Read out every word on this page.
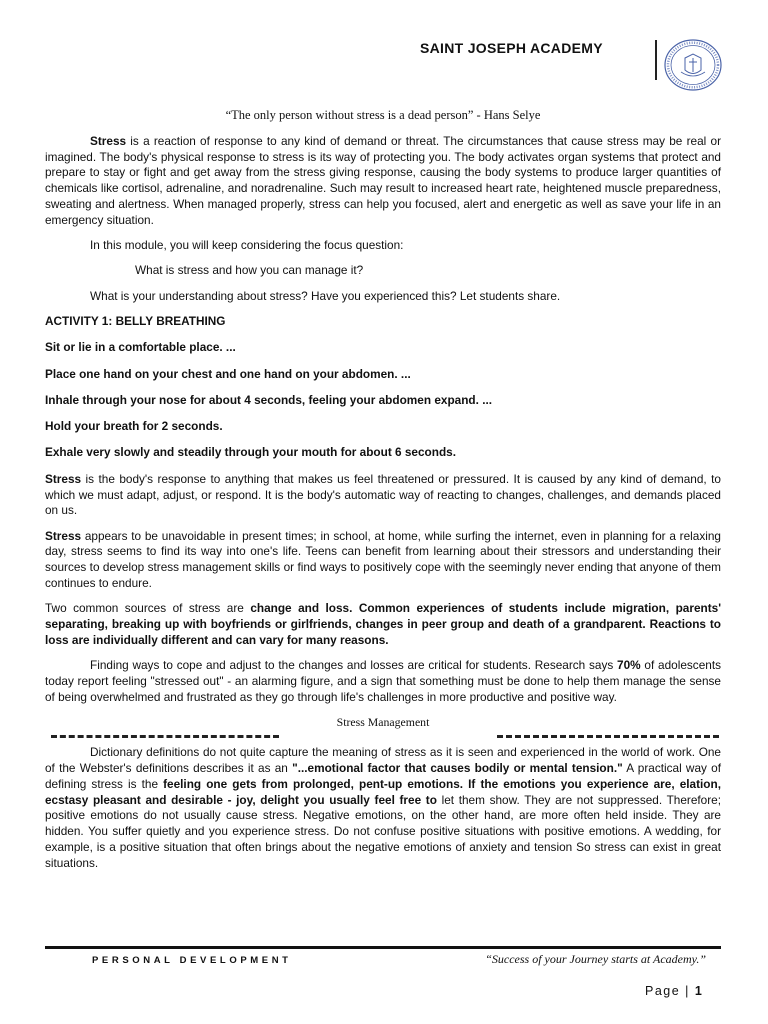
SAINT JOSEPH ACADEMY

“The only person without stress is a dead person” - Hans Selye

Stress is a reaction of response to any kind of demand or threat. The circumstances that cause stress may be real or imagined. The body's physical response to stress is its way of protecting you. The body activates organ systems that protect and prepare to stay or fight and get away from the stress giving response, causing the body systems to produce larger quantities of chemicals like cortisol, adrenaline, and noradrenaline. Such may result to increased heart rate, heightened muscle preparedness, sweating and alertness. When managed properly, stress can help you focused, alert and energetic as well as save your life in an emergency situation.

In this module, you will keep considering the focus question:

What is stress and how you can manage it?

What is your understanding about stress? Have you experienced this? Let students share.

ACTIVITY 1: BELLY BREATHING

Sit or lie in a comfortable place. ...

Place one hand on your chest and one hand on your abdomen. ...

Inhale through your nose for about 4 seconds, feeling your abdomen expand. ...

Hold your breath for 2 seconds.

Exhale very slowly and steadily through your mouth for about 6 seconds.

Stress is the body's response to anything that makes us feel threatened or pressured. It is caused by any kind of demand, to which we must adapt, adjust, or respond. It is the body's automatic way of reacting to changes, challenges, and demands placed on us.

Stress appears to be unavoidable in present times; in school, at home, while surfing the internet, even in planning for a relaxing day, stress seems to find its way into one's life. Teens can benefit from learning about their stressors and understanding their sources to develop stress management skills or find ways to positively cope with the seemingly never ending that anyone of them continues to endure.

Two common sources of stress are change and loss. Common experiences of students include migration, parents' separating, breaking up with boyfriends or girlfriends, changes in peer group and death of a grandparent. Reactions to loss are individually different and can vary for many reasons.

Finding ways to cope and adjust to the changes and losses are critical for students. Research says 70% of adolescents today report feeling "stressed out" - an alarming figure, and a sign that something must be done to help them manage the sense of being overwhelmed and frustrated as they go through life's challenges in more productive and positive way.

Stress Management

Dictionary definitions do not quite capture the meaning of stress as it is seen and experienced in the world of work. One of the Webster's definitions describes it as an "...emotional factor that causes bodily or mental tension." A practical way of defining stress is the feeling one gets from prolonged, pent-up emotions. If the emotions you experience are, elation, ecstasy pleasant and desirable - joy, delight you usually feel free to let them show. They are not suppressed. Therefore; positive emotions do not usually cause stress. Negative emotions, on the other hand, are more often held inside. They are hidden. You suffer quietly and you experience stress. Do not confuse positive situations with positive emotions. A wedding, for example, is a positive situation that often brings about the negative emotions of anxiety and tension So stress can exist in great situations.

PERSONAL DEVELOPMENT	“Success of your Journey starts at Academy.”
Page | 1
